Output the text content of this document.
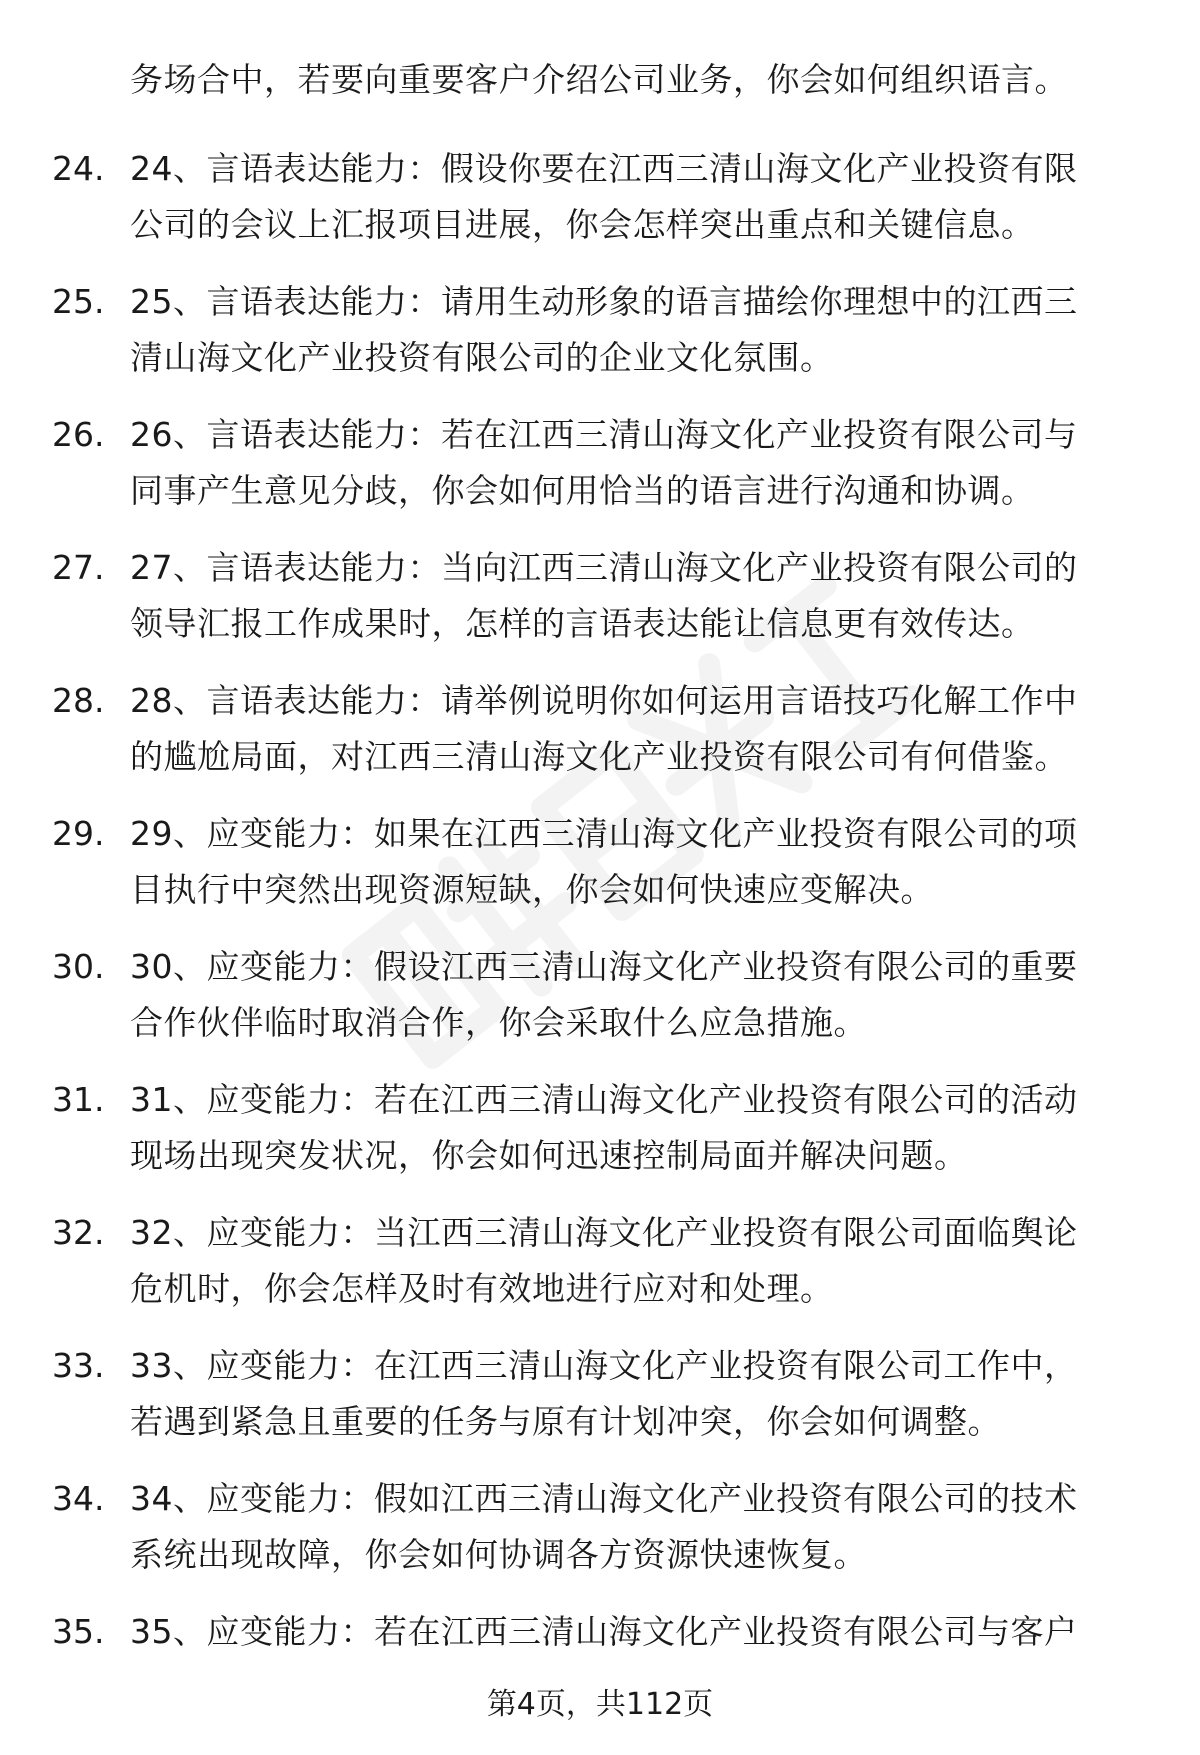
务场合中，若要向重要客户介绍公司业务，你会如何组织语言。
24. 24、言语表达能力：假设你要在江西三清山海文化产业投资有限
公司的会议上汇报项目进展，你会怎样突出重点和关键信息。
25. 25、言语表达能力：请用生动形象的语言描绘你理想中的江西三
清山海文化产业投资有限公司的企业文化氛围。
26. 26、言语表达能力：若在江西三清山海文化产业投资有限公司与
同事产生意见分歧，你会如何用恰当的语言进行沟通和协调。
27. 27、言语表达能力：当向江西三清山海文化产业投资有限公司的
领导汇报工作成果时，怎样的言语表达能让信息更有效传达。
28. 28、言语表达能力：请举例说明你如何运用言语技巧化解工作中
的尴尬局面，对江西三清山海文化产业投资有限公司有何借鉴。
29. 29、应变能力：如果在江西三清山海文化产业投资有限公司的项
目执行中突然出现资源短缺，你会如何快速应变解决。
30. 30、应变能力：假设江西三清山海文化产业投资有限公司的重要
合作伙伴临时取消合作，你会采取什么应急措施。
31. 31、应变能力：若在江西三清山海文化产业投资有限公司的活动
现场出现突发状况，你会如何迅速控制局面并解决问题。
32. 32、应变能力：当江西三清山海文化产业投资有限公司面临舆论
危机时，你会怎样及时有效地进行应对和处理。
33. 33、应变能力：在江西三清山海文化产业投资有限公司工作中，
若遇到紧急且重要的任务与原有计划冲突，你会如何调整。
34. 34、应变能力：假如江西三清山海文化产业投资有限公司的技术
系统出现故障，你会如何协调各方资源快速恢复。
35. 35、应变能力：若在江西三清山海文化产业投资有限公司与客户
第4页，共112页
